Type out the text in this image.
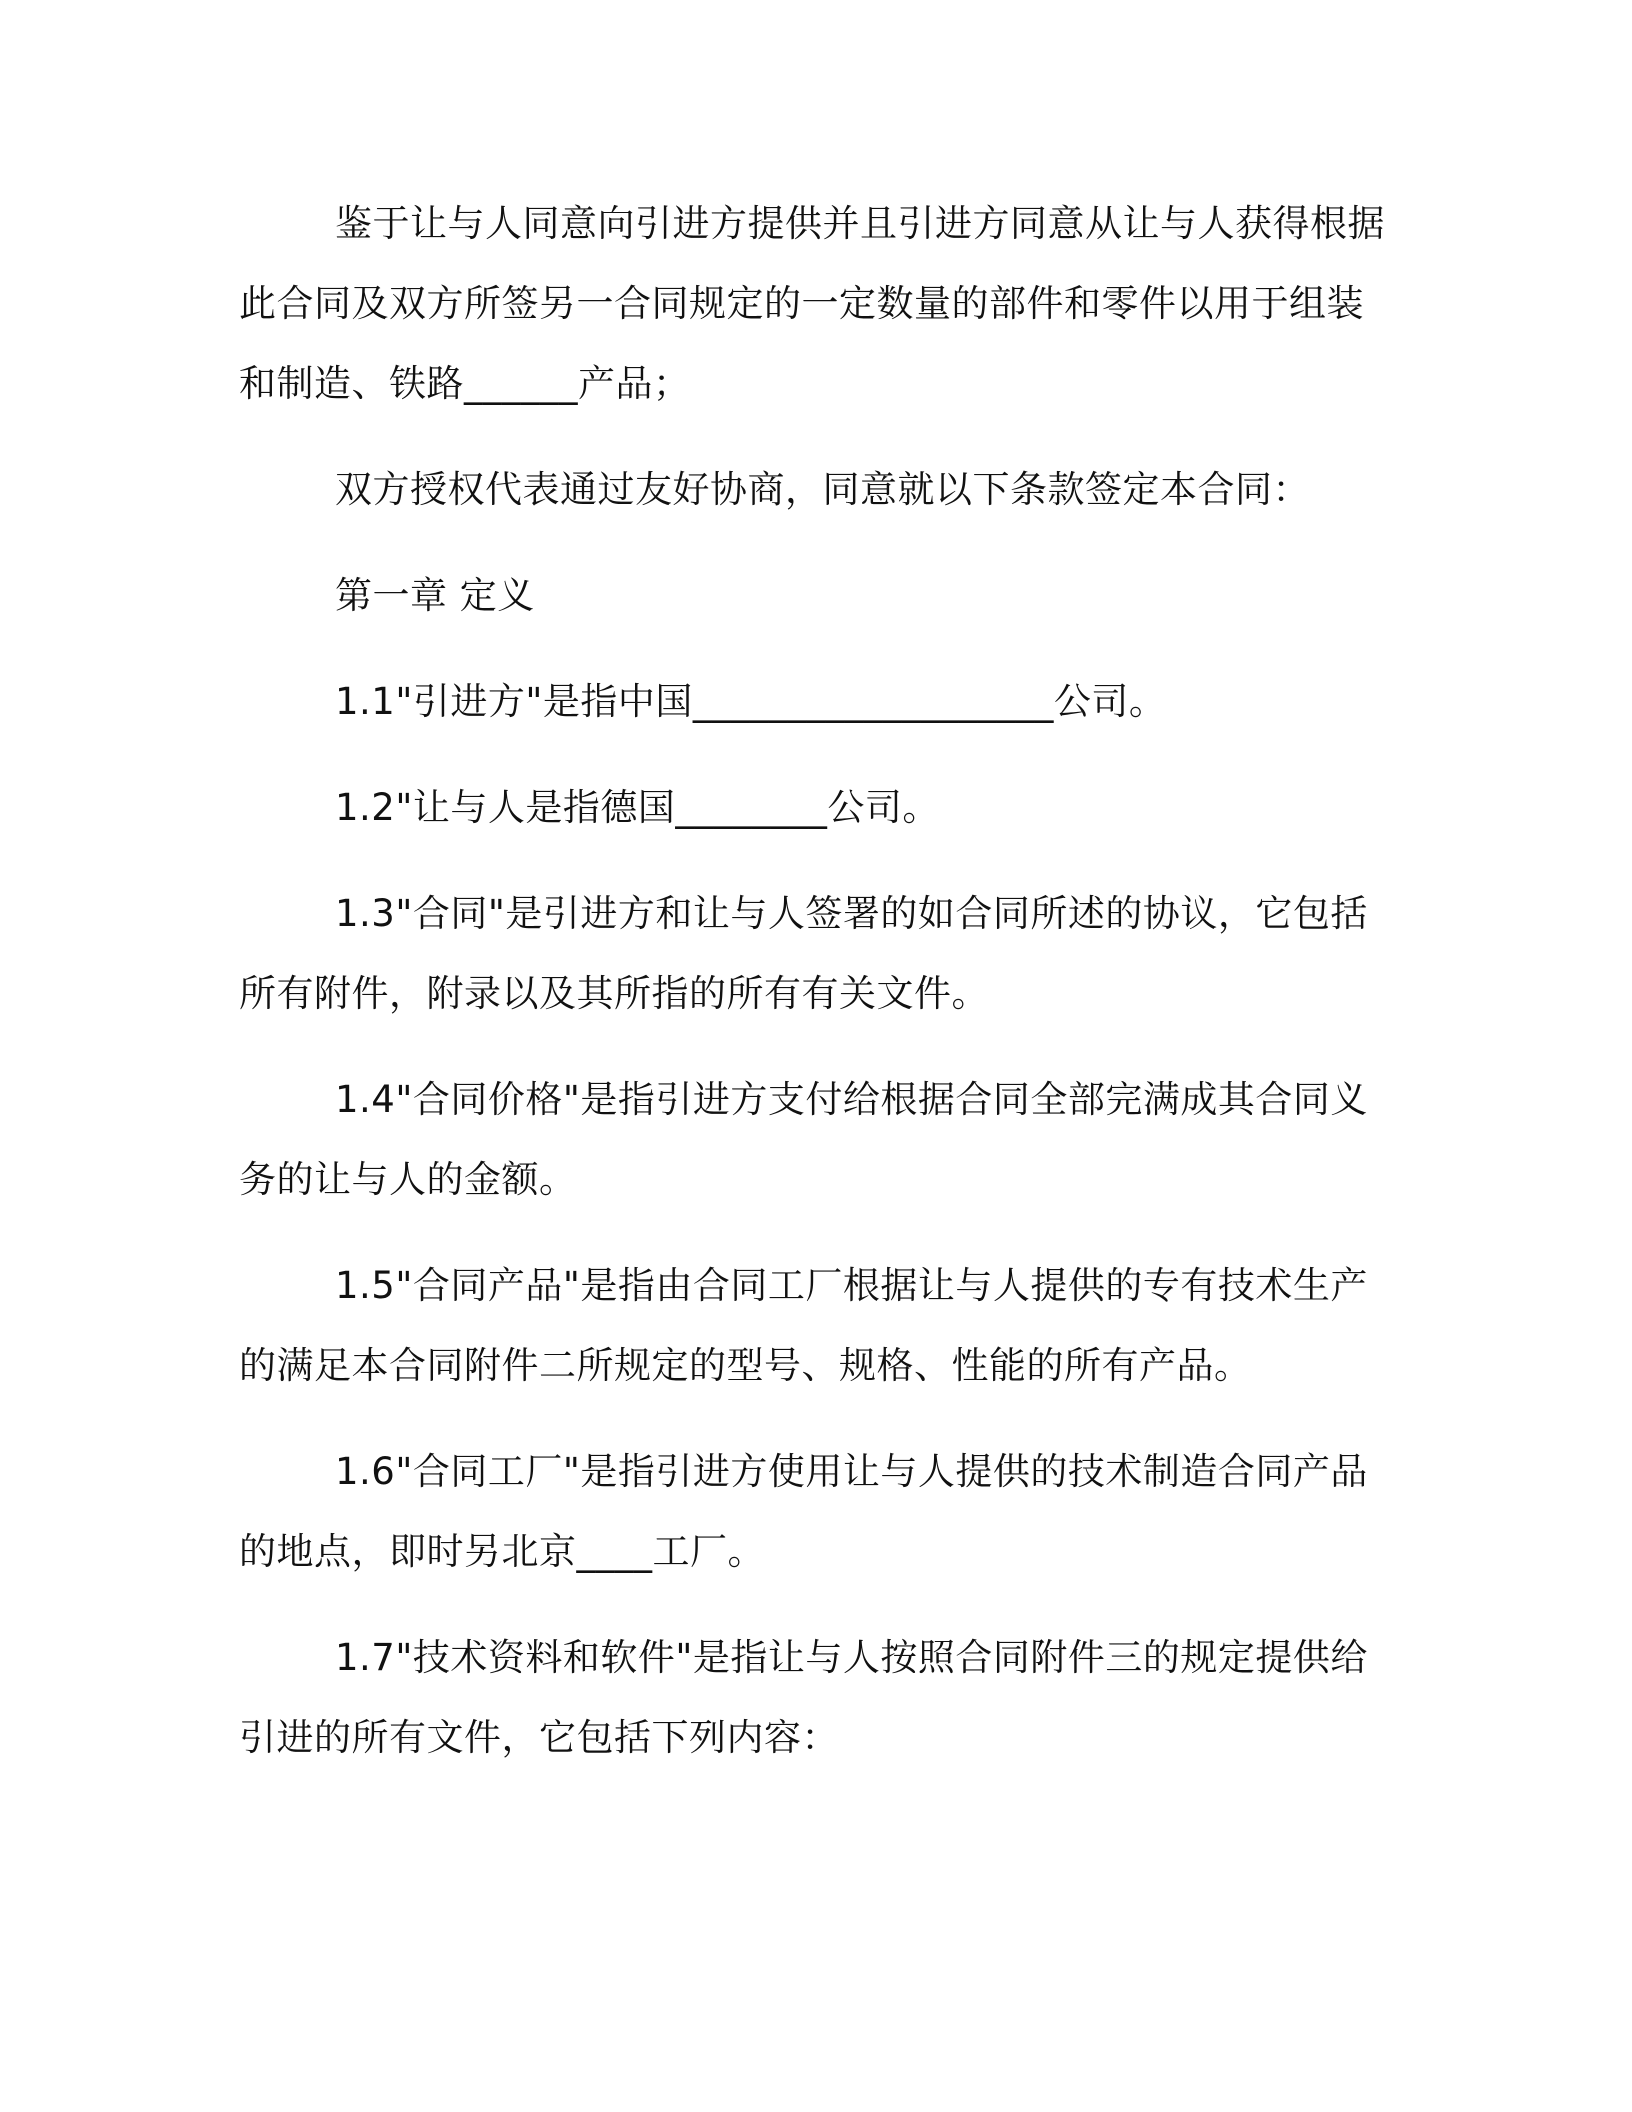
鉴于让与人同意向引进方提供并且引进方同意从让与人获得根据此合同及双方所签另一合同规定的一定数量的部件和零件以用于组装和制造、铁路______产品；

双方授权代表通过友好协商，同意就以下条款签定本合同：

第一章 定义

1.1"引进方"是指中国___________________公司。

1.2"让与人是指德国________公司。

1.3"合同"是引进方和让与人签署的如合同所述的协议，它包括所有附件，附录以及其所指的所有有关文件。

1.4"合同价格"是指引进方支付给根据合同全部完满成其合同义务的让与人的金额。

1.5"合同产品"是指由合同工厂根据让与人提供的专有技术生产的满足本合同附件二所规定的型号、规格、性能的所有产品。

1.6"合同工厂"是指引进方使用让与人提供的技术制造合同产品的地点，即时另北京____工厂。

1.7"技术资料和软件"是指让与人按照合同附件三的规定提供给引进的所有文件，它包括下列内容：
